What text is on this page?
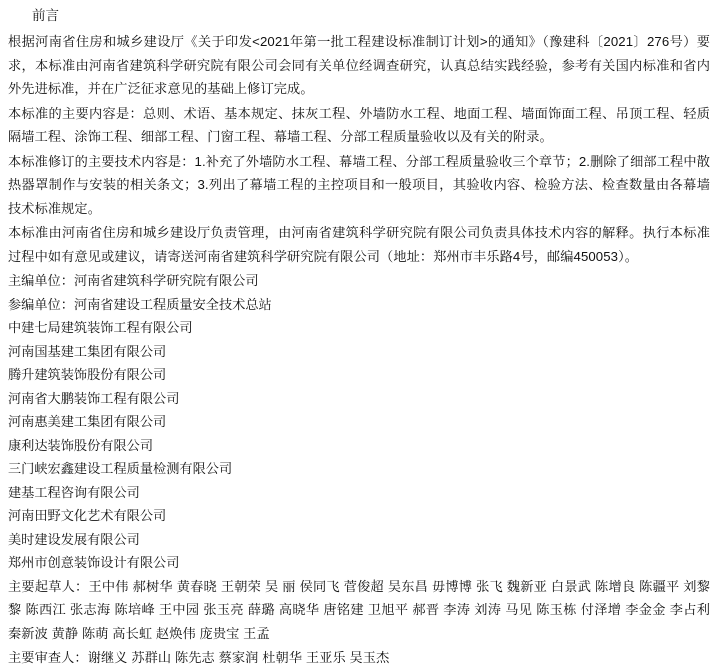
前言

根据河南省住房和城乡建设厅《关于印发<2021年第一批工程建设标准制订计划>的通知》（豫建科〔2021〕276号）要求，本标准由河南省建筑科学研究院有限公司会同有关单位经调查研究，认真总结实践经验，参考有关国内标准和省内外先进标准，并在广泛征求意见的基础上修订完成。

本标准的主要内容是：总则、术语、基本规定、抹灰工程、外墙防水工程、地面工程、墙面饰面工程、吊顶工程、轻质隔墙工程、涂饰工程、细部工程、门窗工程、幕墙工程、分部工程质量验收以及有关的附录。

本标准修订的主要技术内容是：1.补充了外墙防水工程、幕墙工程、分部工程质量验收三个章节；2.删除了细部工程中散热器罩制作与安装的相关条文；3.列出了幕墙工程的主控项目和一般项目，其验收内容、检验方法、检查数量由各幕墙技术标准规定。

本标准由河南省住房和城乡建设厅负责管理，由河南省建筑科学研究院有限公司负责具体技术内容的解释。执行本标准过程中如有意见或建议，请寄送河南省建筑科学研究院有限公司（地址：郑州市丰乐路4号，邮编450053）。

主编单位：河南省建筑科学研究院有限公司
参编单位：河南省建设工程质量安全技术总站
中建七局建筑装饰工程有限公司
河南国基建工集团有限公司
腾升建筑装饰股份有限公司
河南省大鹏装饰工程有限公司
河南惠美建工集团有限公司
康利达装饰股份有限公司
三门峡宏鑫建设工程质量检测有限公司
建基工程咨询有限公司
河南田野文化艺术有限公司
美时建设发展有限公司
郑州市创意装饰设计有限公司

主要起草人：王中伟 郝树华 黄春晓 王朝荣 吴 丽 侯同飞 菅俊超 吴东昌 毋博博 张飞 魏新亚 白景武 陈增良 陈疆平 刘黎黎 陈西江 张志海 陈培峰 王中园 张玉亮 薛璐 高晓华 唐铭建 卫旭平 郝晋 李涛 刘涛 马见 陈玉栋 付泽增 李金金 李占利 秦新波 黄静 陈萌 高长虹 赵焕伟 庞贵宝 王孟

主要审查人：谢继义 苏群山 陈先志 蔡家润 杜朝华 王亚乐 吴玉杰
